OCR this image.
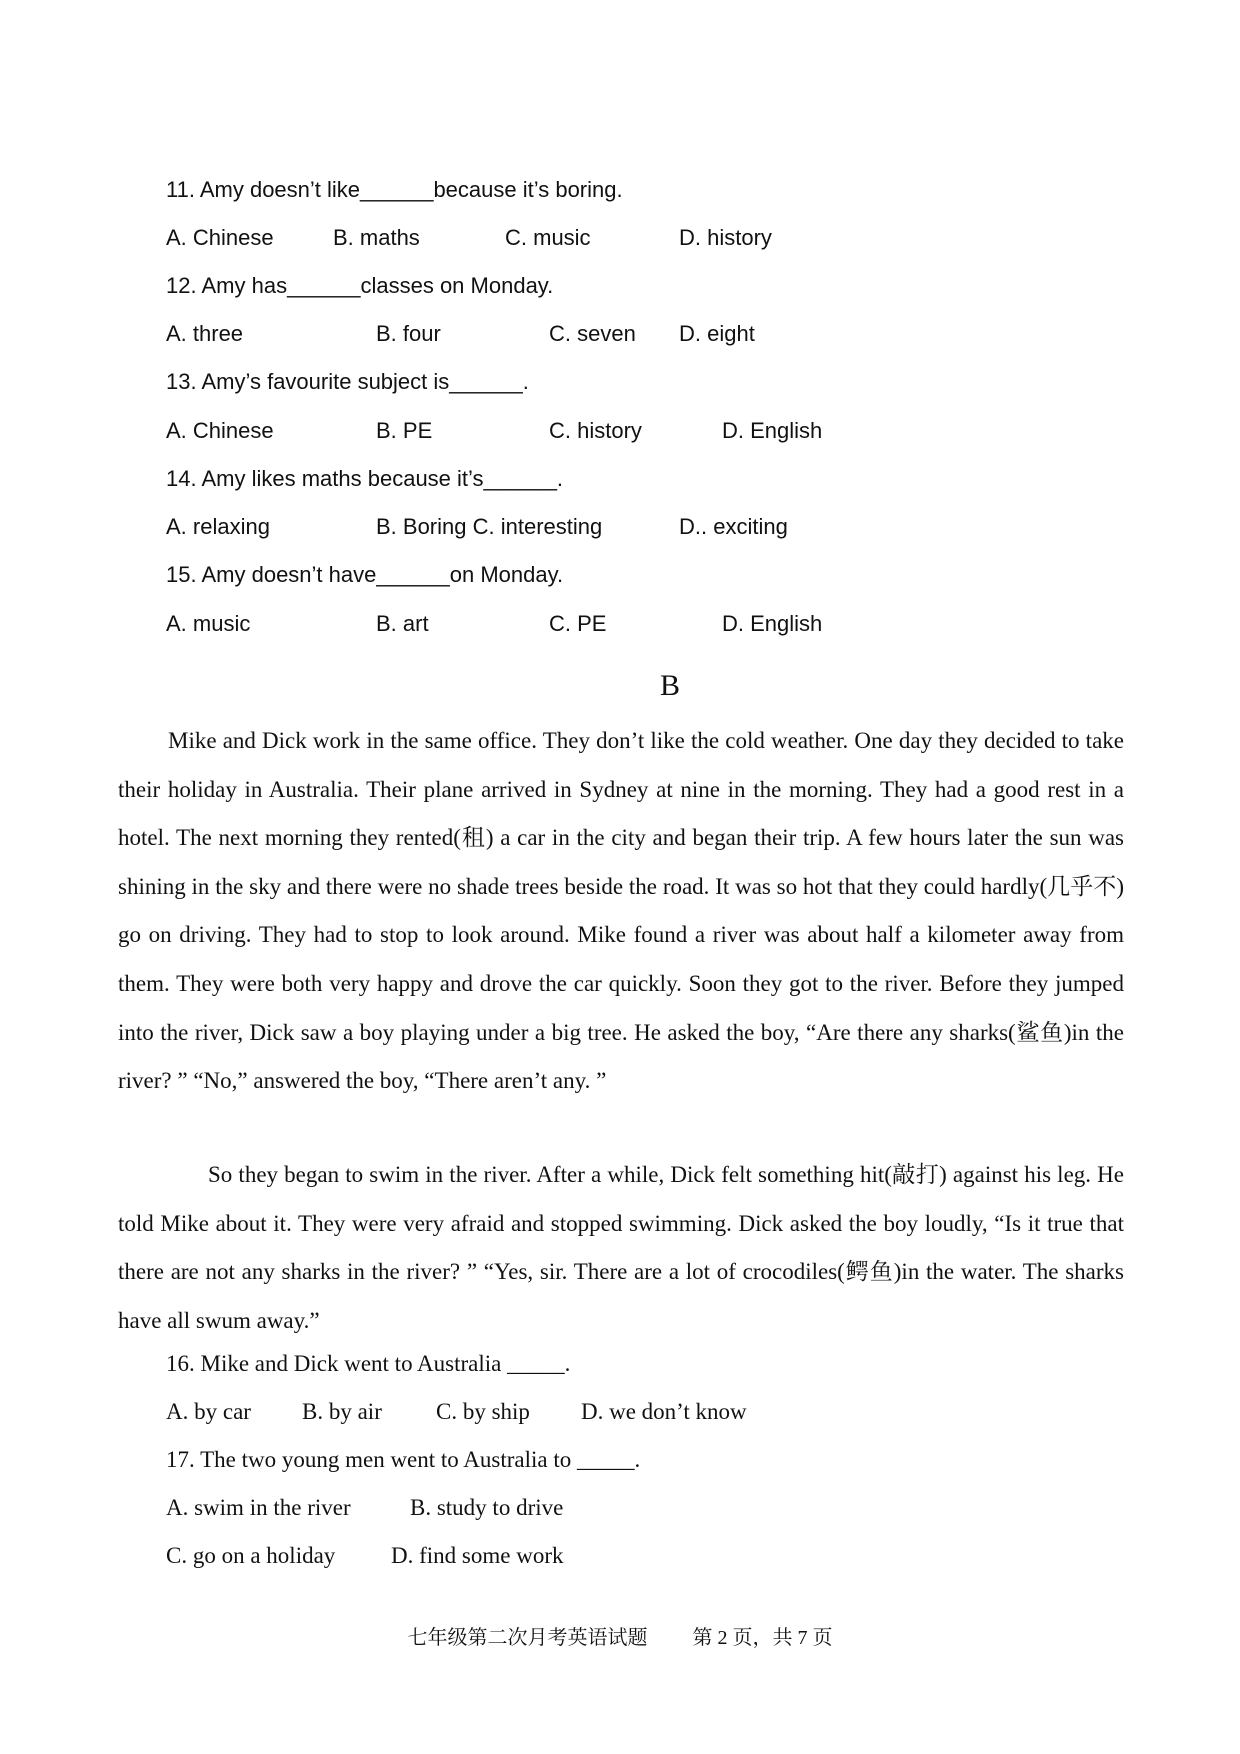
11. Amy doesn’t like______because it’s boring.
A. Chinese	B. maths	C. music	D. history
12. Amy has______classes on Monday.
A. three	B. four	C. seven D. eight
13. Amy’s favourite subject is______.
A. Chinese	B. PE	C. history	D. English
14. Amy likes maths because it’s______.
A. relaxing	B. Boring C. interesting	D.. exciting
15. Amy doesn’t have______on Monday.
A. music	B. art	C. PE	D. English
B
Mike and Dick work in the same office. They don’t like the cold weather. One day they decided to take their holiday in Australia. Their plane arrived in Sydney at nine in the morning. They had a good rest in a hotel. The next morning they rented(租) a car in the city and began their trip. A few hours later the sun was shining in the sky and there were no shade trees beside the road. It was so hot that they could hardly(几乎不) go on driving. They had to stop to look around. Mike found a river was about half a kilometer away from them. They were both very happy and drove the car quickly. Soon they got to the river. Before they jumped into the river, Dick saw a boy playing under a big tree. He asked the boy, “Are there any sharks(鲨鱼)in the river? ” “No,” answered the boy, “There aren’t any. ”
So they began to swim in the river. After a while, Dick felt something hit(敲打) against his leg. He told Mike about it. They were very afraid and stopped swimming. Dick asked the boy loudly, “Is it true that there are not any sharks in the river? ” “Yes, sir. There are a lot of crocodiles(鳄鱼)in the water. The sharks have all swum away.”
16. Mike and Dick went to Australia _____.
A. by car B. by air C. by ship D. we don’t know
17. The two young men went to Australia to _____.
A. swim in the river	B. study to drive
C. go on a holiday D. find some work
七年级第二次月考英语试题 第 2 页，共 7 页
